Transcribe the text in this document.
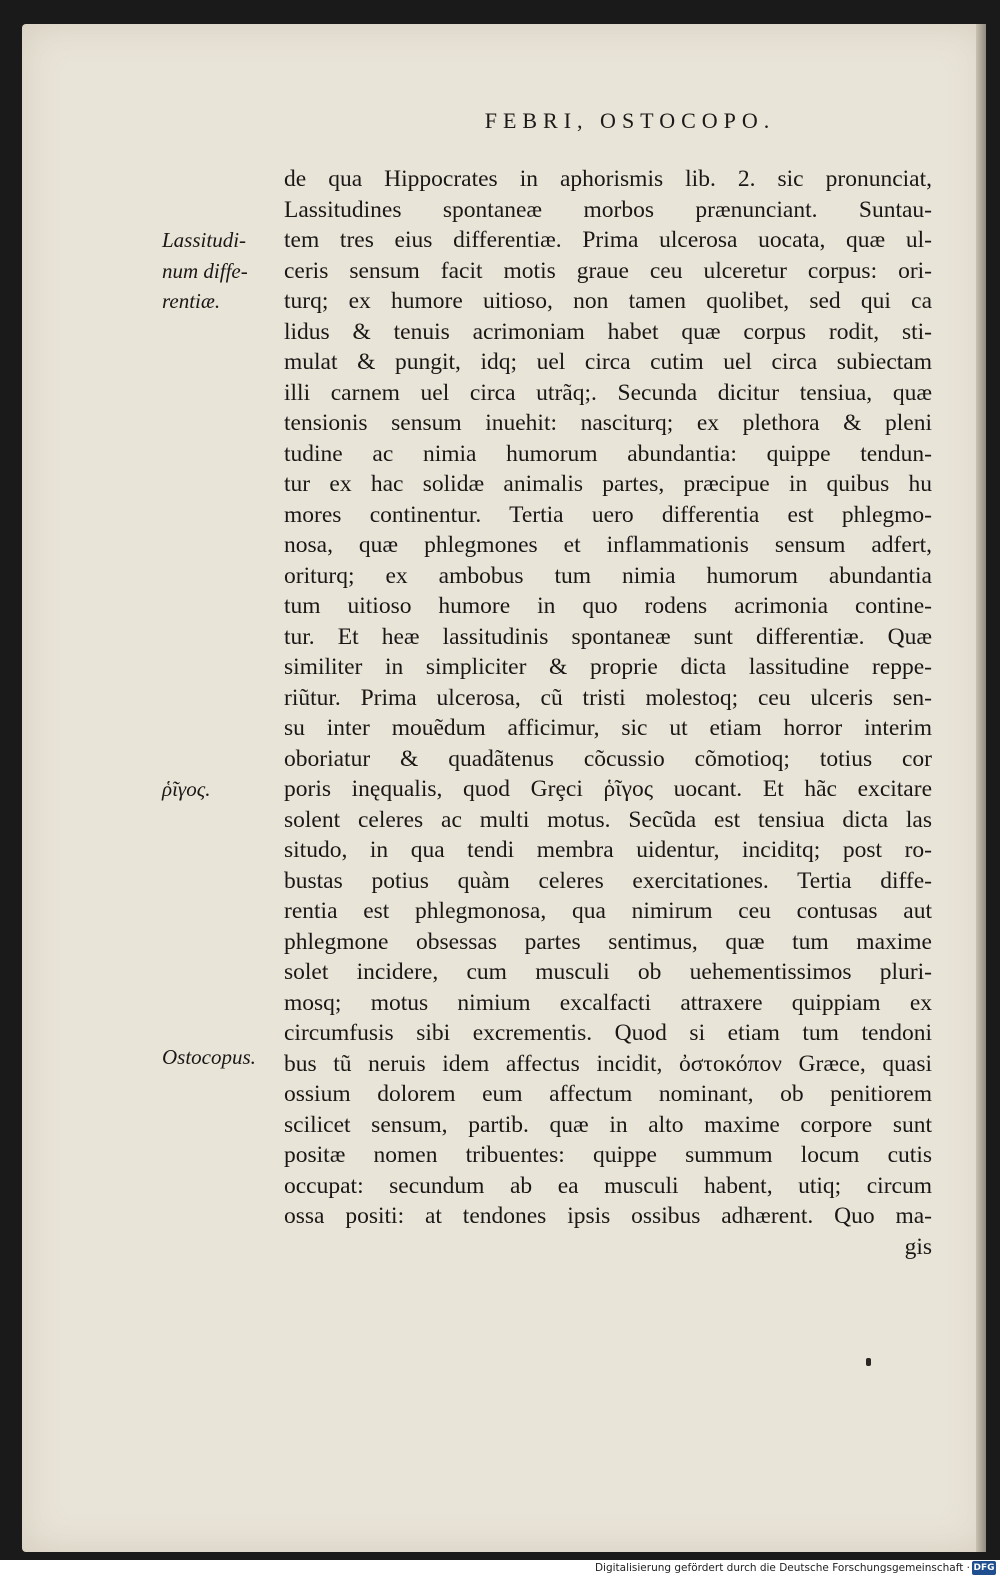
FEBRI, OSTOCOPO.
de qua Hippocrates in aphorismis lib. 2. sic pronunciat,
Lassitudines spontaneæ morbos prænunciant. Suntau-
tem tres eius differentiæ. Prima ulcerosa uocata, quæ ul-
ceris sensum facit motis graue ceu ulceretur corpus: ori-
turq; ex humore uitioso, non tamen quolibet, sed qui ca
lidus & tenuis acrimoniam habet quæ corpus rodit, sti-
mulat & pungit, idq; uel circa cutim uel circa subiectam
illi carnem uel circa utrãq;. Secunda dicitur tensiua, quæ
tensionis sensum inuehit: nasciturq; ex plethora & pleni
tudine ac nimia humorum abundantia: quippe tendun-
tur ex hac solidæ animalis partes, præcipue in quibus hu
mores continentur. Tertia uero differentia est phlegmo-
nosa, quæ phlegmones et inflammationis sensum adfert,
oriturq; ex ambobus tum nimia humorum abundantia
tum uitioso humore in quo rodens acrimonia contine-
tur. Et heæ lassitudinis spontaneæ sunt differentiæ. Quæ
similiter in simpliciter & proprie dicta lassitudine reppe-
riũtur. Prima ulcerosa, cũ tristi molestoq; ceu ulceris sen-
su inter mouẽdum afficimur, sic ut etiam horror interim
oboriatur & quadãtenus cõcussio cõmotioq; totius cor
poris inęqualis, quod Grȩci ῥῖγος uocant. Et hãc excitare
solent celeres ac multi motus. Secũda est tensiua dicta las
situdo, in qua tendi membra uidentur, inciditq; post ro-
bustas potius quàm celeres exercitationes. Tertia diffe-
rentia est phlegmonosa, qua nimirum ceu contusas aut
phlegmone obsessas partes sentimus, quæ tum maxime
solet incidere, cum musculi ob uehementissimos pluri-
mosq; motus nimium excalfacti attraxere quippiam ex
circumfusis sibi excrementis. Quod si etiam tum tendoni
bus tũ neruis idem affectus incidit, ὀστοκόπον Græce, quasi
ossium dolorem eum affectum nominant, ob penitiorem
scilicet sensum, partib. quæ in alto maxime corpore sunt
positæ nomen tribuentes: quippe summum locum cutis
occupat: secundum ab ea musculi habent, utiq; circum
ossa positi: at tendones ipsis ossibus adhærent. Quo ma-
gis
Lassitudi-
num diffe-
rentiæ.
ῥῖγος.
Ostocopus.
Digitalisierung gefördert durch die Deutsche Forschungsgemeinschaft · DFG
